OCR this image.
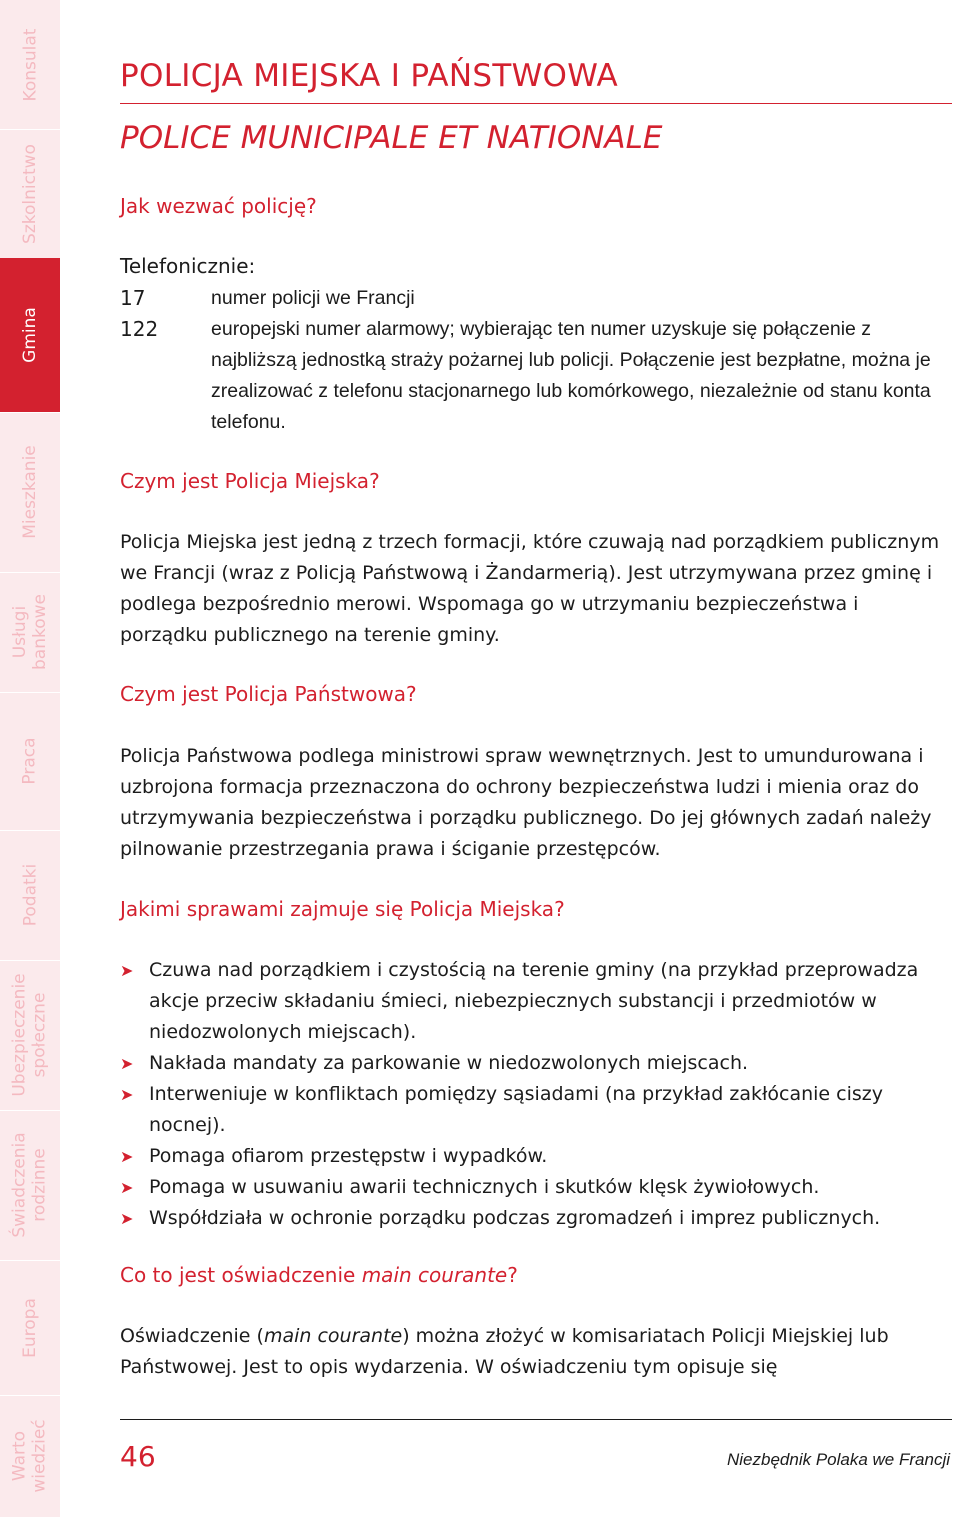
Konsulat
Szkolnictwo
Gmina
Mieszkanie
Usługi bankowe
Praca
Podatki
Ubezpieczenie społeczne
Świadczenia rodzinne
Europa
Warto wiedzieć
POLICJA MIEJSKA I PAŃSTWOWA
POLICE MUNICIPALE ET NATIONALE
Jak wezwać policję?
Telefonicznie:
17	numer policji we Francji
122	europejski numer alarmowy; wybierając ten numer uzyskuje się połączenie z najbliższą jednostką straży pożarnej lub policji. Połączenie jest bezpłatne, można je zrealizować z telefonu stacjonarnego lub komórkowego, niezależnie od stanu konta telefonu.
Czym jest Policja Miejska?

Policja Miejska jest jedną z trzech formacji, które czuwają nad porządkiem publicznym we Francji (wraz z Policją Państwową i Żandarmerią). Jest utrzymywana przez gminę i podlega bezpośrednio merowi. Wspomaga go w utrzymaniu bezpieczeństwa i porządku publicznego na terenie gminy.

Czym jest Policja Państwowa?

Policja Państwowa podlega ministrowi spraw wewnętrznych. Jest to umundurowana i uzbrojona formacja przeznaczona do ochrony bezpieczeństwa ludzi i mienia oraz do utrzymywania bezpieczeństwa i porządku publicznego. Do jej głównych zadań należy pilnowanie przestrzegania prawa i ściganie przestępców.

Jakimi sprawami zajmuje się Policja Miejska?
➤ Czuwa nad porządkiem i czystością na terenie gminy (na przykład przeprowadza akcje przeciw składaniu śmieci, niebezpiecznych substancji i przedmiotów w niedozwolonych miejscach).
➤ Nakłada mandaty za parkowanie w niedozwolonych miejscach.
➤ Interweniuje w konfliktach pomiędzy sąsiadami (na przykład zakłócanie ciszy nocnej).
➤ Pomaga ofiarom przestępstw i wypadków.
➤ Pomaga w usuwaniu awarii technicznych i skutków klęsk żywiołowych.
➤ Współdziała w ochronie porządku podczas zgromadzeń i imprez publicznych.
Co to jest oświadczenie main courante?

Oświadczenie (main courante) można złożyć w komisariatach Policji Miejskiej lub Państwowej. Jest to opis wydarzenia. W oświadczeniu tym opisuje się

46	Niezbędnik Polaka we Francji
